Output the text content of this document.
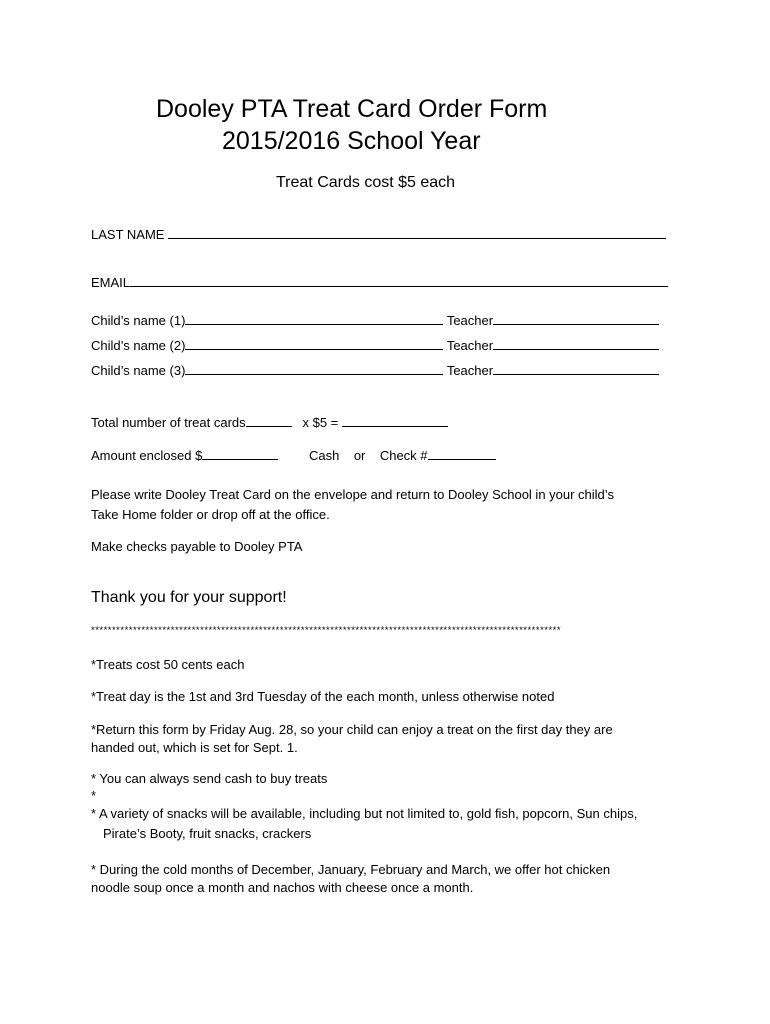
Dooley PTA Treat Card Order Form
2015/2016 School Year
Treat Cards cost $5 each
LAST NAME
EMAIL
Child’s name (1)	Teacher
Child’s name (2)	Teacher
Child’s name (3)	Teacher
Total number of treat cards	x $5 =
Amount enclosed $	Cash or Check #
Please write Dooley Treat Card on the envelope and return to Dooley School in your child’s
Take Home folder or drop off at the office.
Make checks payable to Dooley PTA
Thank you for your support!
****************************************************************************************************************
*Treats cost 50 cents each
*Treat day is the 1st and 3rd Tuesday of the each month, unless otherwise noted
*Return this form by Friday Aug. 28, so your child can enjoy a treat on the first day they are
handed out, which is set for Sept. 1.
* You can always send cash to buy treats
*
* A variety of snacks will be available, including but not limited to, gold fish, popcorn, Sun chips,
Pirate’s Booty, fruit snacks, crackers
* During the cold months of December, January, February and March, we offer hot chicken
noodle soup once a month and nachos with cheese once a month.
